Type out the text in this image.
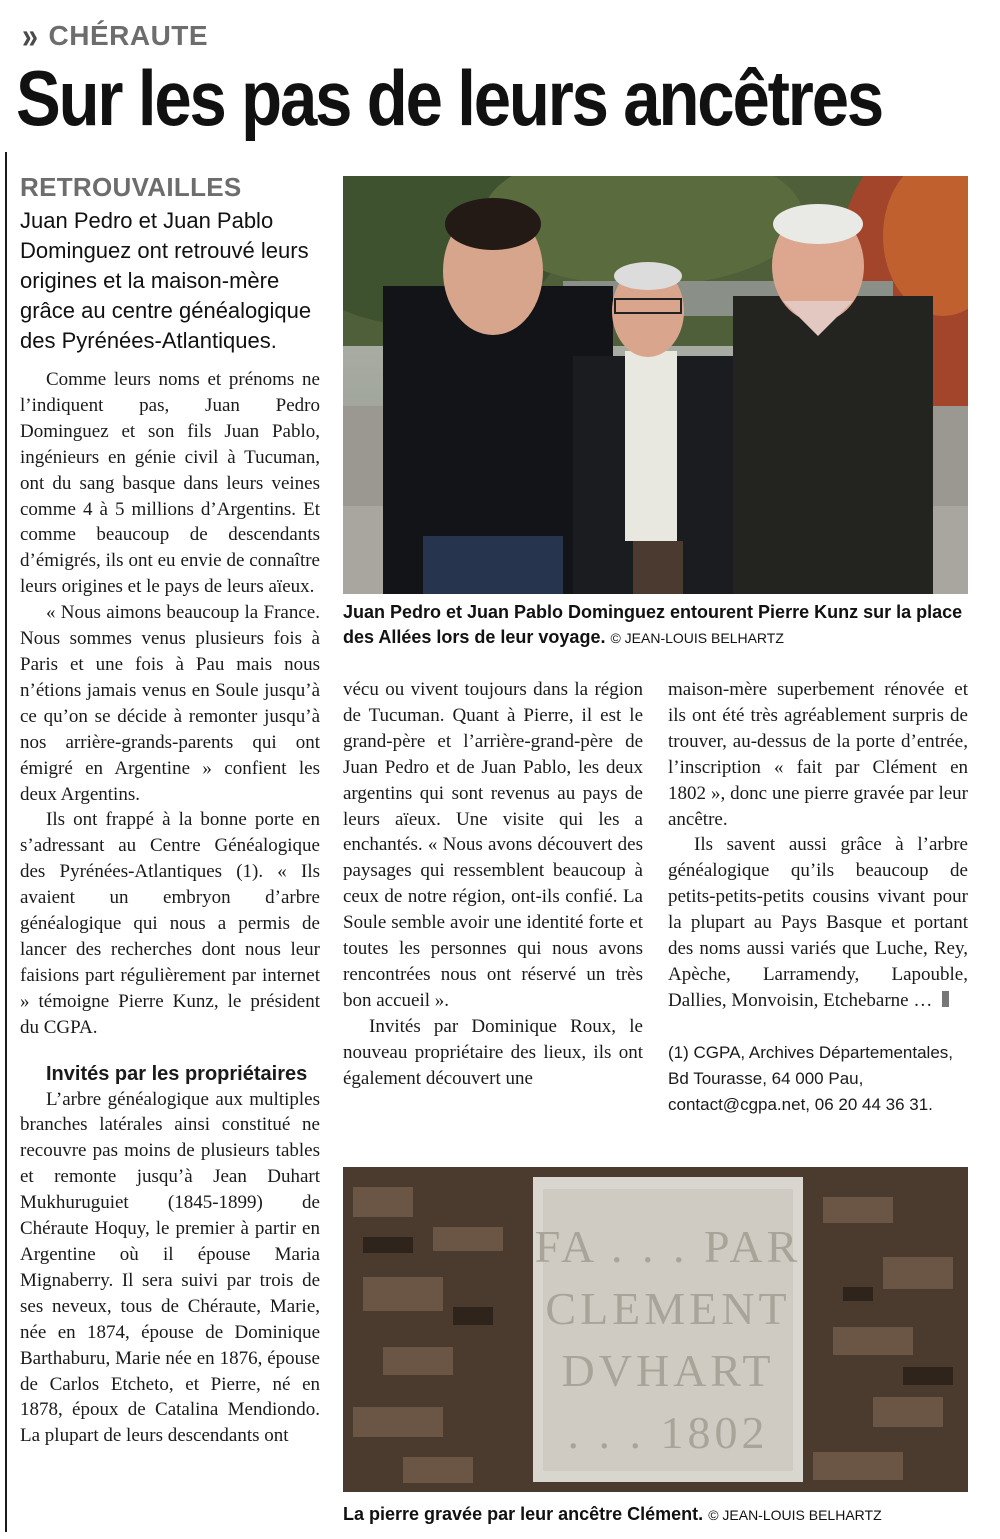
» CHÉRAUTE
Sur les pas de leurs ancêtres
RETROUVAILLES
Juan Pedro et Juan Pablo Dominguez ont retrouvé leurs origines et la maison-mère grâce au centre généalogique des Pyrénées-Atlantiques.

Comme leurs noms et prénoms ne l’indiquent pas, Juan Pedro Dominguez et son fils Juan Pablo, ingénieurs en génie civil à Tucuman, ont du sang basque dans leurs veines comme 4 à 5 millions d’Argentins. Et comme beaucoup de descendants d’émigrés, ils ont eu envie de connaître leurs origines et le pays de leurs aïeux.

« Nous aimons beaucoup la France. Nous sommes venus plusieurs fois à Paris et une fois à Pau mais nous n’étions jamais venus en Soule jusqu’à ce qu’on se décide à remonter jusqu’à nos arrière-grands-parents qui ont émigré en Argentine » confient les deux Argentins.

Ils ont frappé à la bonne porte en s’adressant au Centre Généalogique des Pyrénées-Atlantiques (1). « Ils avaient un embryon d’arbre généalogique qui nous a permis de lancer des recherches dont nous leur faisions part régulièrement par internet » témoigne Pierre Kunz, le président du CGPA.

Invités par les propriétaires

L’arbre généalogique aux multiples branches latérales ainsi constitué ne recouvre pas moins de plusieurs tables et remonte jusqu’à Jean Duhart Mukhuruguiet (1845-1899) de Chéraute Hoquy, le premier à partir en Argentine où il épouse Maria Mignaberry. Il sera suivi par trois de ses neveux, tous de Chéraute, Marie, née en 1874, épouse de Dominique Barthaburu, Marie née en 1876, épouse de Carlos Etcheto, et Pierre, né en 1878, époux de Catalina Mendiondo. La plupart de leurs descendants ont

Juan Pedro et Juan Pablo Dominguez entourent Pierre Kunz sur la place des Allées lors de leur voyage. © JEAN-LOUIS BELHARTZ

vécu ou vivent toujours dans la région de Tucuman. Quant à Pierre, il est le grand-père et l’arrière-grand-père de Juan Pedro et de Juan Pablo, les deux argentins qui sont revenus au pays de leurs aïeux. Une visite qui les a enchantés. « Nous avons découvert des paysages qui ressemblent beaucoup à ceux de notre région, ont-ils confié. La Soule semble avoir une identité forte et toutes les personnes qui nous avons rencontrées nous ont réservé un très bon accueil ».

Invités par Dominique Roux, le nouveau propriétaire des lieux, ils ont également découvert une

maison-mère superbement rénovée et ils ont été très agréablement surpris de trouver, au-dessus de la porte d’entrée, l’inscription « fait par Clément en 1802 », donc une pierre gravée par leur ancêtre.

Ils savent aussi grâce à l’arbre généalogique qu’ils beaucoup de petits-petits-petits cousins vivant pour la plupart au Pays Basque et portant des noms aussi variés que Luche, Rey, Apèche, Larramendy, Lapouble, Dallies, Monvoisin, Etchebarne …

(1) CGPA, Archives Départementales,
Bd Tourasse, 64 000 Pau,
contact@cgpa.net, 06 20 44 36 31.
FA . . . PAR
CLEMENT
DVHART
. . . 1802
La pierre gravée par leur ancêtre Clément. © JEAN-LOUIS BELHARTZ
